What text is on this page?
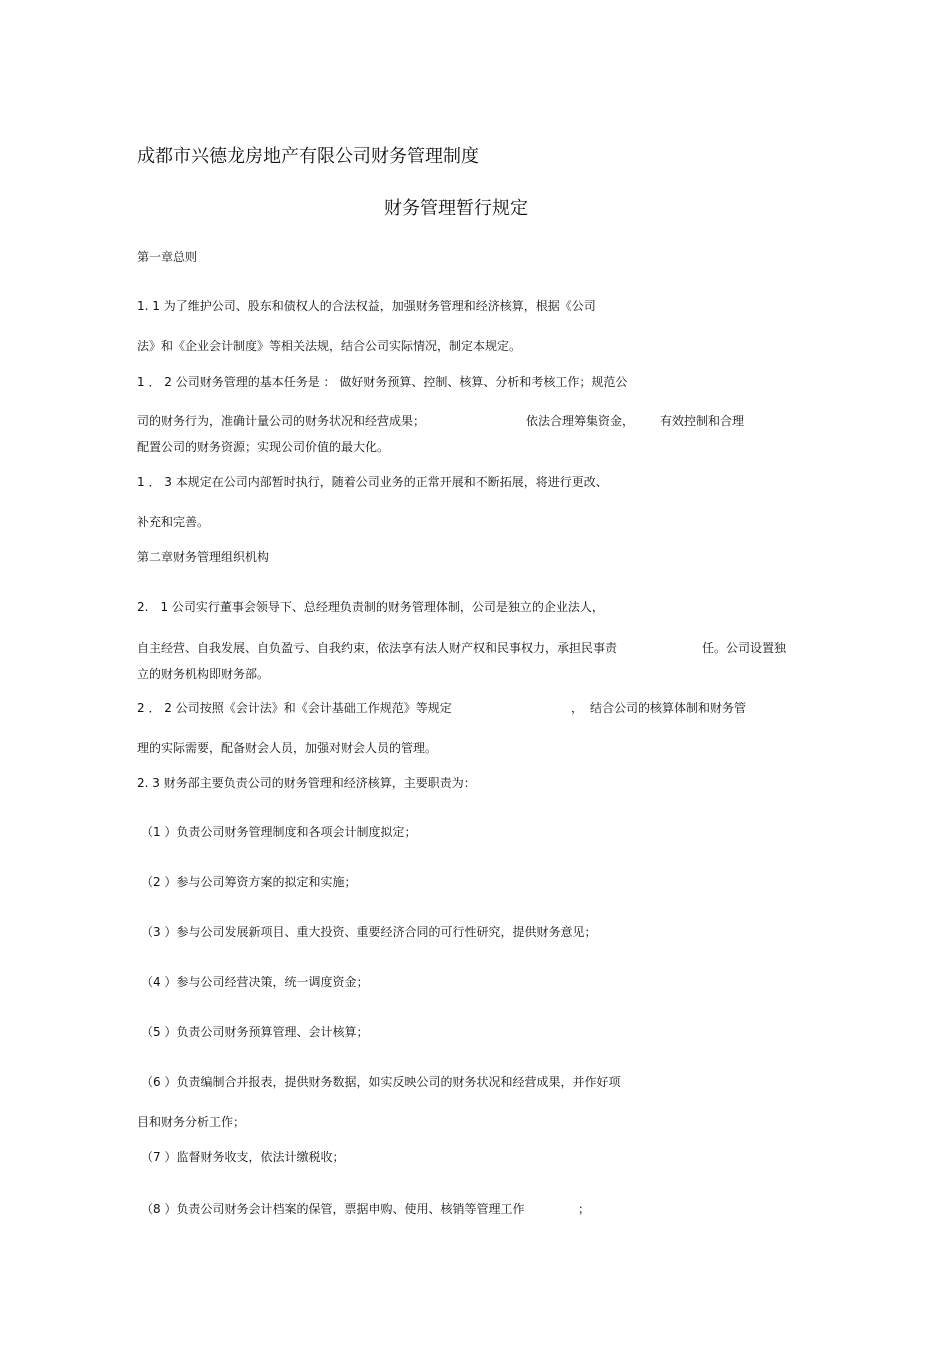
成都市兴德龙房地产有限公司财务管理制度
财务管理暂行规定
第一章总则
1. 1 为了维护公司、股东和债权人的合法权益，加强财务管理和经济核算，根据《公司
法》和《企业会计制度》等相关法规，结合公司实际情况，制定本规定。
1 ． 2 公司财务管理的基本任务是 ： 做好财务预算、控制、核算、分析和考核工作；规范公
司的财务行为，准确计量公司的财务状况和经营成果；	依法合理筹集资金， 有效控制和合理
配置公司的财务资源；实现公司价值的最大化。
1 ． 3 本规定在公司内部暂时执行，随着公司业务的正常开展和不断拓展，将进行更改、
补充和完善。
第二章财务管理组织机构
2.　1 公司实行董事会领导下、总经理负责制的财务管理体制，公司是独立的企业法人，
自主经营、自我发展、自负盈亏、自我约束，依法享有法人财产权和民事权力，承担民事责	任。公司设置独
立的财务机构即财务部。
2 ． 2 公司按照《会计法》和《会计基础工作规范》等规定	， 结合公司的核算体制和财务管
理的实际需要，配备财会人员，加强对财会人员的管理。
2. 3 财务部主要负责公司的财务管理和经济核算，主要职责为：
（1 ）负责公司财务管理制度和各项会计制度拟定；
（2 ）参与公司筹资方案的拟定和实施；
（3 ）参与公司发展新项目、重大投资、重要经济合同的可行性研究，提供财务意见；
（4 ）参与公司经营决策，统一调度资金；
（5 ）负责公司财务预算管理、会计核算；
（6 ）负责编制合并报表，提供财务数据，如实反映公司的财务状况和经营成果，并作好项
目和财务分析工作；
（7 ）监督财务收支，依法计缴税收；
（8 ）负责公司财务会计档案的保管，票据申购、使用、核销等管理工作	；
